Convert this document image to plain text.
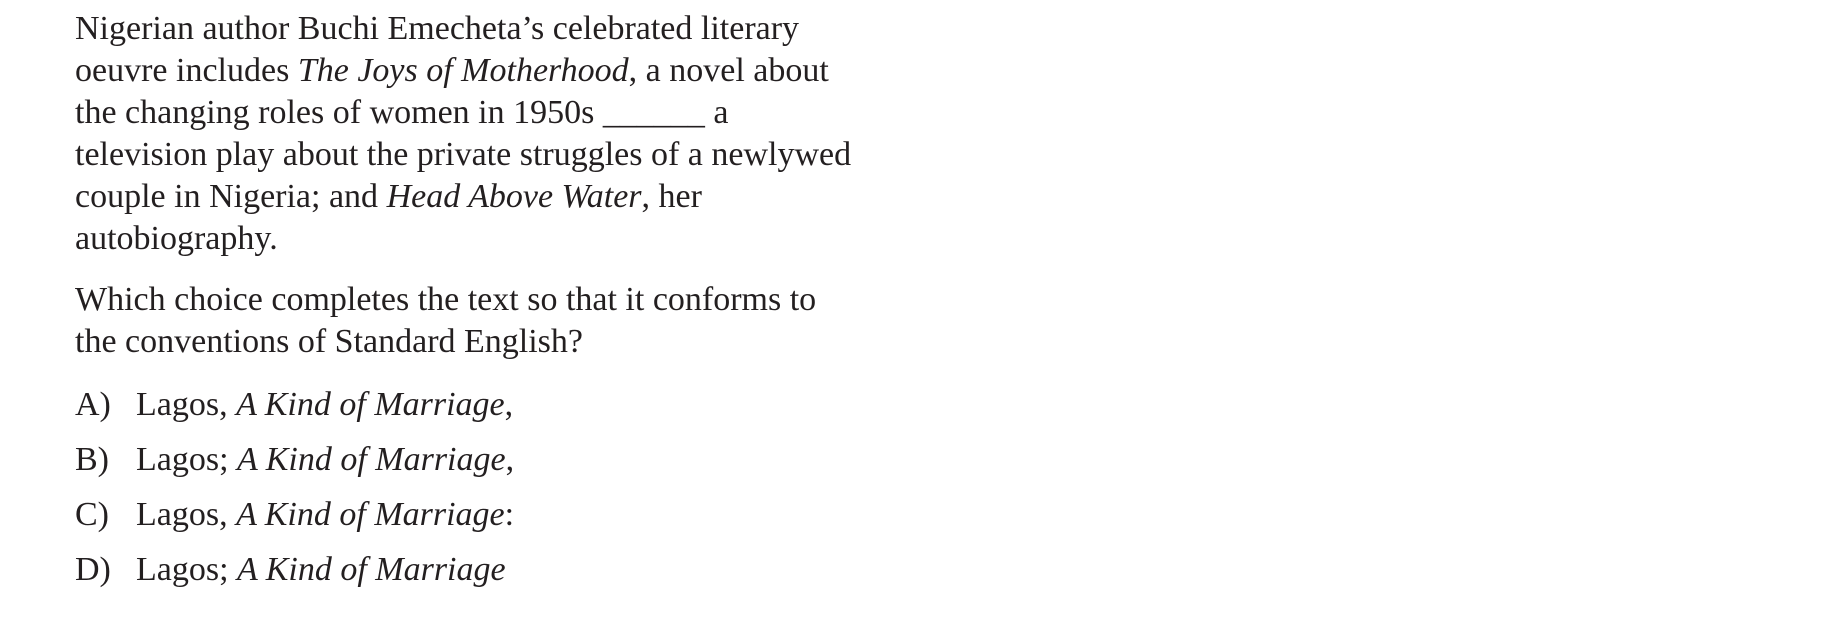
Nigerian author Buchi Emecheta’s celebrated literary oeuvre includes The Joys of Motherhood, a novel about the changing roles of women in 1950s ______ a television play about the private struggles of a newlywed couple in Nigeria; and Head Above Water, her autobiography.

Which choice completes the text so that it conforms to the conventions of Standard English?

A) Lagos, A Kind of Marriage,
B) Lagos; A Kind of Marriage,
C) Lagos, A Kind of Marriage:
D) Lagos; A Kind of Marriage
